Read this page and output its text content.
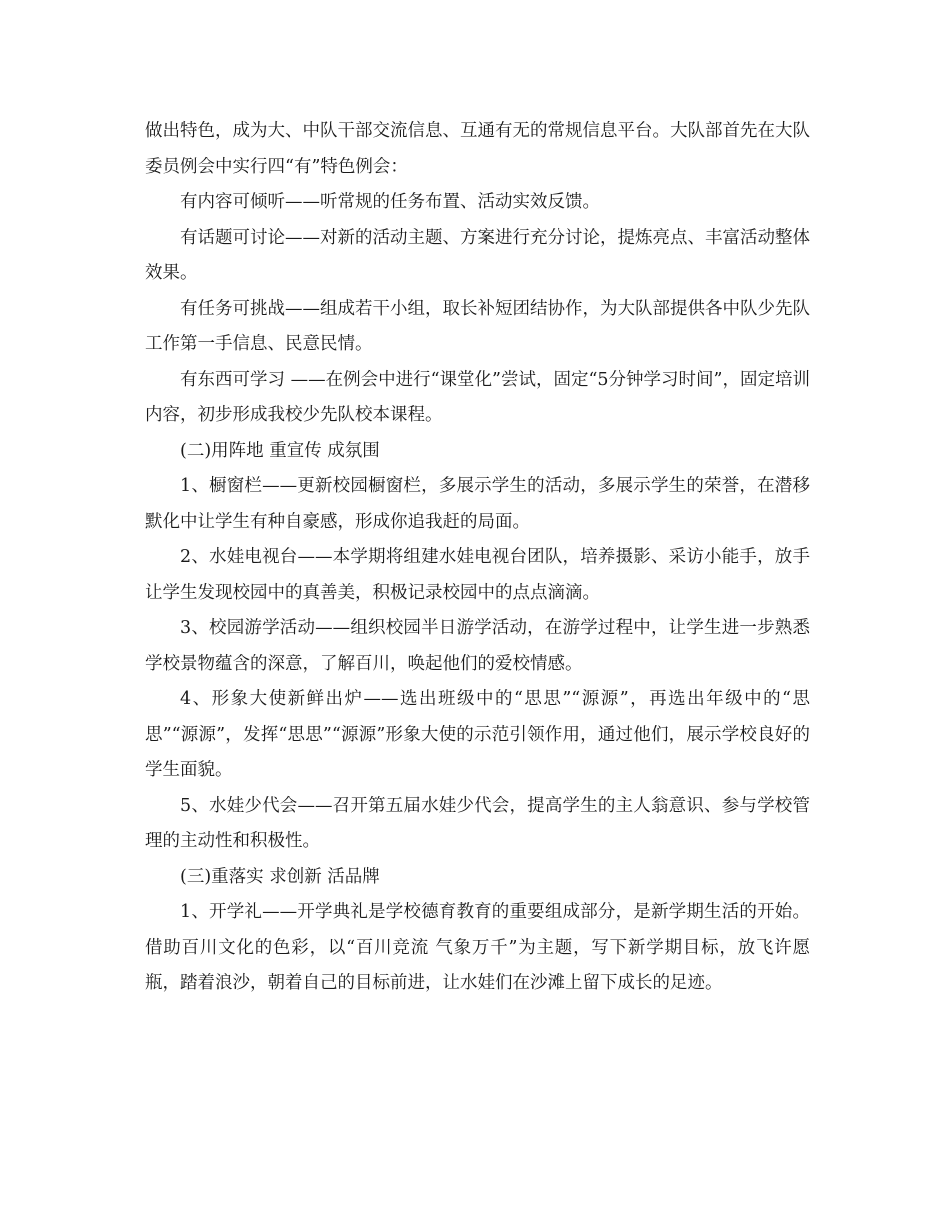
做出特色，成为大、中队干部交流信息、互通有无的常规信息平台。大队部首先在大队委员例会中实行四“有”特色例会：

有内容可倾听——听常规的任务布置、活动实效反馈。

有话题可讨论——对新的活动主题、方案进行充分讨论，提炼亮点、丰富活动整体效果。

有任务可挑战——组成若干小组，取长补短团结协作，为大队部提供各中队少先队工作第一手信息、民意民情。

有东西可学习 ——在例会中进行“课堂化”尝试，固定“5分钟学习时间”，固定培训内容，初步形成我校少先队校本课程。

(二)用阵地 重宣传 成氛围

1、橱窗栏——更新校园橱窗栏，多展示学生的活动，多展示学生的荣誉，在潜移默化中让学生有种自豪感，形成你追我赶的局面。

2、水娃电视台——本学期将组建水娃电视台团队，培养摄影、采访小能手，放手让学生发现校园中的真善美，积极记录校园中的点点滴滴。

3、校园游学活动——组织校园半日游学活动，在游学过程中，让学生进一步熟悉学校景物蕴含的深意，了解百川，唤起他们的爱校情感。

4、形象大使新鲜出炉——选出班级中的“思思”“源源”，再选出年级中的“思思”“源源”，发挥“思思”“源源”形象大使的示范引领作用，通过他们，展示学校良好的学生面貌。

5、水娃少代会——召开第五届水娃少代会，提高学生的主人翁意识、参与学校管理的主动性和积极性。

(三)重落实 求创新 活品牌

1、开学礼——开学典礼是学校德育教育的重要组成部分，是新学期生活的开始。借助百川文化的色彩，以“百川竞流 气象万千”为主题，写下新学期目标，放飞许愿瓶，踏着浪沙，朝着自己的目标前进，让水娃们在沙滩上留下成长的足迹。
